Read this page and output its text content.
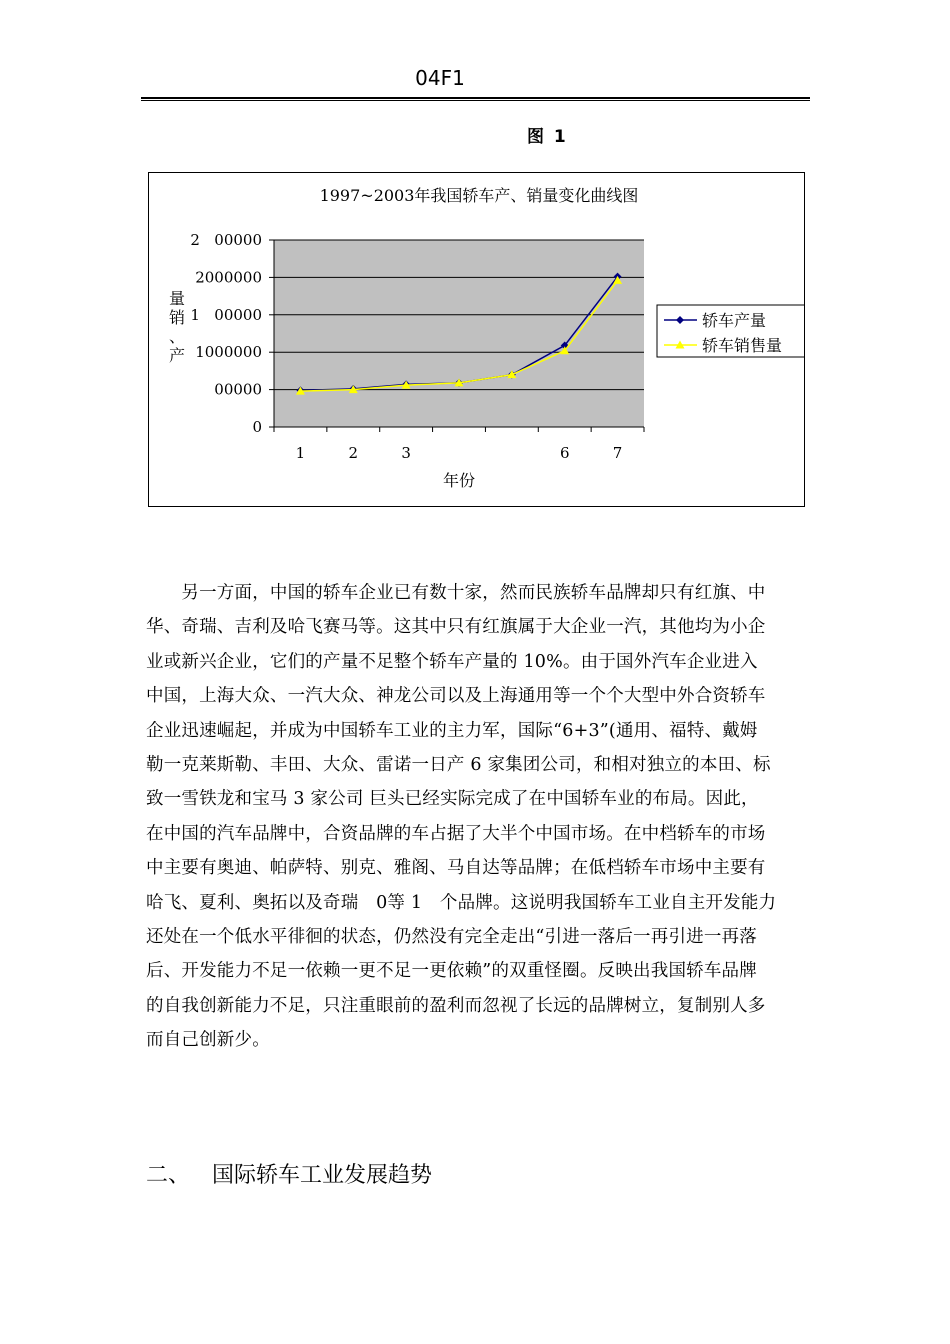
04F1
图 1
1997~2003年我国轿车产、销量变化曲线图
0
00000
1000000
1   00000
2000000
2   00000
1	2	3	6	7
量
销
、
产
年份
轿车产量
轿车销售量
　　另一方面，中国的轿车企业已有数十家，然而民族轿车品牌却只有红旗、中
华、奇瑞、吉利及哈飞赛马等。这其中只有红旗属于大企业一汽，其他均为小企
业或新兴企业，它们的产量不足整个轿车产量的 10%。由于国外汽车企业进入
中国，上海大众、一汽大众、神龙公司以及上海通用等一个个大型中外合资轿车
企业迅速崛起，并成为中国轿车工业的主力军，国际“6+3”(通用、福特、戴姆
勒一克莱斯勒、丰田、大众、雷诺一日产 6 家集团公司，和相对独立的本田、标
致一雪铁龙和宝马 3 家公司 巨头已经实际完成了在中国轿车业的布局。因此，
在中国的汽车品牌中，合资品牌的车占据了大半个中国市场。在中档轿车的市场
中主要有奥迪、帕萨特、别克、雅阁、马自达等品牌；在低档轿车市场中主要有
哈飞、夏利、奥拓以及奇瑞　0等 1　个品牌。这说明我国轿车工业自主开发能力
还处在一个低水平徘徊的状态，仍然没有完全走出“引进一落后一再引进一再落
后、开发能力不足一依赖一更不足一更依赖”的双重怪圈。反映出我国轿车品牌
的自我创新能力不足，只注重眼前的盈利而忽视了长远的品牌树立，复制别人多
而自己创新少。
二、 国际轿车工业发展趋势
